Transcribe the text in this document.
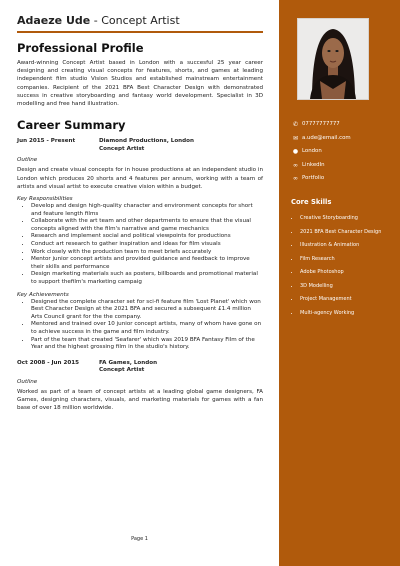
Adaeze Ude - Concept Artist
Professional Profile

Award-winning Concept Artist based in London with a succesful 25 year career designing and creating visual concepts for features, shorts, and games at leading independent film studio Vision Studios and established mainstream entertainment companies. Recipient of the 2021 BFA Best Character Design with demonstrated success in creative storyboarding and fantasy world development. Specialist in 3D modelling and free hand illustration.

Career Summary
Jun 2015 - Present	Diamond Productions, London
Concept Artist
Outline

Design and create visual concepts for in house productions at an independent studio in London which produces 20 shorts and 4 features per annum, working with a team of artists and visual artist to execute creative vision within a budget.

Key Responsibilities
• Develop and design high-quality character and environment concepts for short and feature length films
• Collaborate with the art team and other departments to ensure that the visual concepts aligned with the film's narrative and game mechanics
• Research and implement social and political viewpoints for productions
• Conduct art research to gather inspiration and ideas for film visuals
• Work closely with the production team to meet briefs accurately
• Mentor junior concept artists and provided guidance and feedback to improve their skills and performance
• Design marketing materials such as posters, billboards and promotional material to support thefilm's marketing campaig
Key Achievements
• Designed the complete character set for sci-fi feature film 'Lost Planet' which won Best Character Design at the 2021 BFA and secured a subsequent £1.4 million Arts Council grant for the the company.
• Mentored and trained over 10 junior concept artists, many of whom have gone on to achieve success in the game and film industry.
• Part of the team that created 'Seafarer' which was 2019 BFA Fantasy Film of the Year and the highest grossing film in the studio's history.
Oct 2008 - Jun 2015	FA Games, London
Concept Artist
Outline

Worked as part of a team of concept artists at a leading global game designers, FA Games, designing characters, visuals, and marketing materials for games with a fan base of over 18 million worldwide.

Page 1
✆ 07777777777
✉ a.ude@email.com
● London
∞ LinkedIn
∞ Portfolio
Core Skills
• Creative Storyboarding
• 2021 BFA Best Character Design
• Illustration & Animation
• Film Research
• Adobe Photoshop
• 3D Modelling
• Project Management
• Multi-agency Working
